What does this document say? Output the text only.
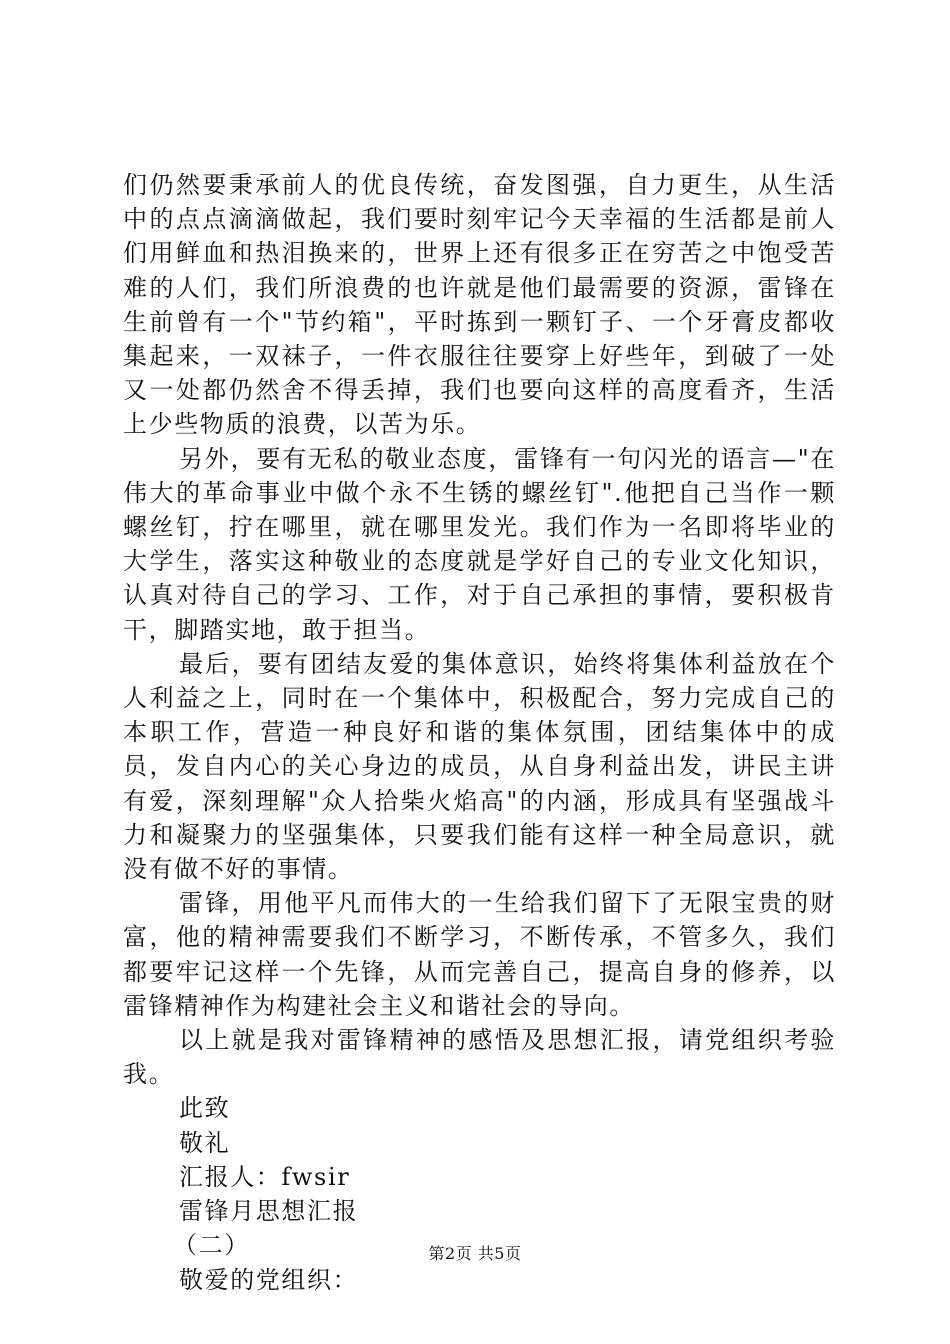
们仍然要秉承前人的优良传统，奋发图强，自力更生，从生活中的点点滴滴做起，我们要时刻牢记今天幸福的生活都是前人们用鲜血和热泪换来的，世界上还有很多正在穷苦之中饱受苦难的人们，我们所浪费的也许就是他们最需要的资源，雷锋在生前曾有一个"节约箱"，平时拣到一颗钉子、一个牙膏皮都收集起来，一双袜子，一件衣服往往要穿上好些年，到破了一处又一处都仍然舍不得丢掉，我们也要向这样的高度看齐，生活上少些物质的浪费，以苦为乐。

另外，要有无私的敬业态度，雷锋有一句闪光的语言—"在伟大的革命事业中做个永不生锈的螺丝钉".他把自己当作一颗螺丝钉，拧在哪里，就在哪里发光。我们作为一名即将毕业的大学生，落实这种敬业的态度就是学好自己的专业文化知识，认真对待自己的学习、工作，对于自己承担的事情，要积极肯干，脚踏实地，敢于担当。

最后，要有团结友爱的集体意识，始终将集体利益放在个人利益之上，同时在一个集体中，积极配合，努力完成自己的本职工作，营造一种良好和谐的集体氛围，团结集体中的成员，发自内心的关心身边的成员，从自身利益出发，讲民主讲有爱，深刻理解"众人拾柴火焰高"的内涵，形成具有坚强战斗力和凝聚力的坚强集体，只要我们能有这样一种全局意识，就没有做不好的事情。

雷锋，用他平凡而伟大的一生给我们留下了无限宝贵的财富，他的精神需要我们不断学习，不断传承，不管多久，我们都要牢记这样一个先锋，从而完善自己，提高自身的修养，以雷锋精神作为构建社会主义和谐社会的导向。

以上就是我对雷锋精神的感悟及思想汇报，请党组织考验我。

此致

敬礼

汇报人：fwsir

雷锋月思想汇报

（二）

敬爱的党组织：

第2页 共5页
